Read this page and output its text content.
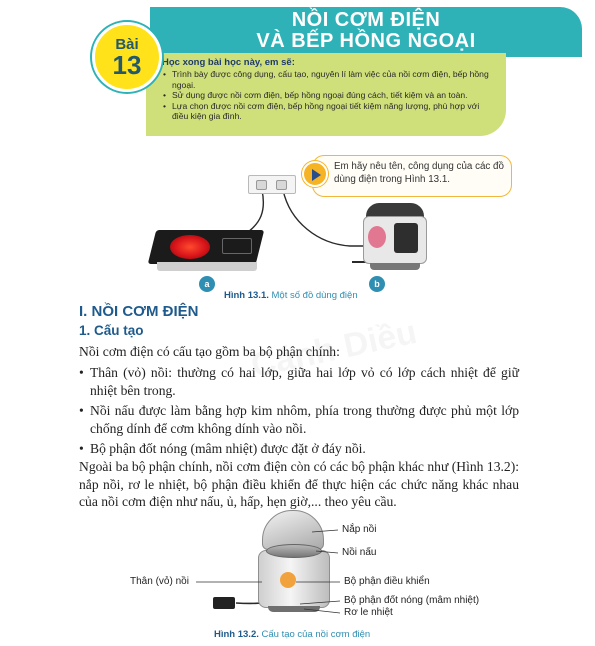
NỒI CƠM ĐIỆN
VÀ BẾP HỒNG NGOẠI
Học xong bài học này, em sẽ:
• Trình bày được công dụng, cấu tạo, nguyên lí làm việc của nồi cơm điện, bếp hồng ngoại.
• Sử dụng được nồi cơm điện, bếp hồng ngoại đúng cách, tiết kiệm và an toàn.
• Lựa chọn được nồi cơm điện, bếp hồng ngoại tiết kiệm năng lượng, phù hợp với điều kiện gia đình.
Bài
13
a	b
Em hãy nêu tên, công dụng của các đồ dùng điện trong Hình 13.1.
Hình 13.1. Một số đồ dùng điện
I. NỒI CƠM ĐIỆN
1. Cấu tạo
Nồi cơm điện có cấu tạo gồm ba bộ phận chính:
• Thân (vỏ) nồi: thường có hai lớp, giữa hai lớp vỏ có lớp cách nhiệt để giữ nhiệt bên trong.
• Nồi nấu được làm bằng hợp kim nhôm, phía trong thường được phủ một lớp chống dính để cơm không dính vào nồi.
• Bộ phận đốt nóng (mâm nhiệt) được đặt ở đáy nồi.
Ngoài ba bộ phận chính, nồi cơm điện còn có các bộ phận khác như (Hình 13.2): nắp nồi, rơ le nhiệt, bộ phận điều khiển để thực hiện các chức năng khác nhau của nồi cơm điện như nấu, ủ, hấp, hẹn giờ,... theo yêu cầu.
Nắp nồi
Nồi nấu
Thân (vỏ) nồi	Bộ phận điều khiển
Bộ phận đốt nóng (mâm nhiệt)
Rơ le nhiệt
Hình 13.2. Cấu tạo của nồi cơm điện
